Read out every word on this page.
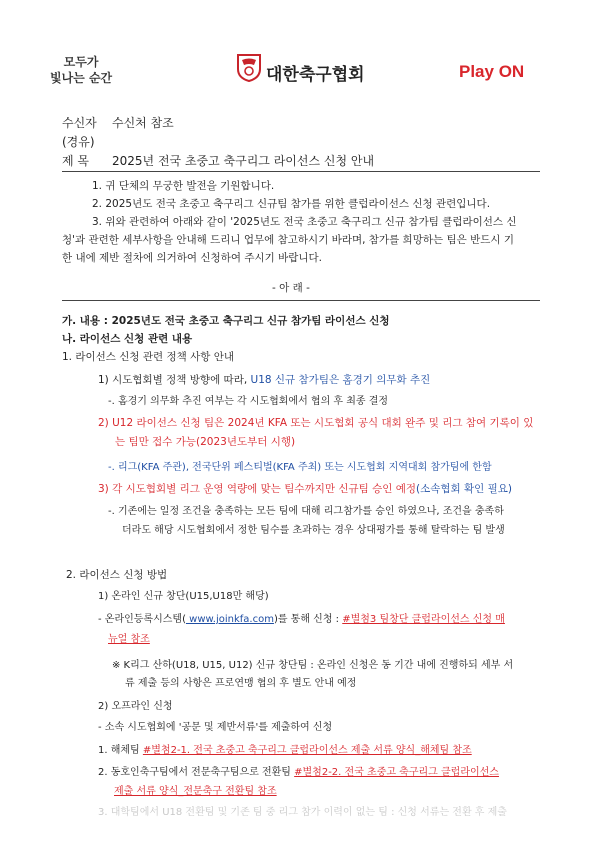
모두가
빛나는 순간	대한축구협회	Play ON
수신자 수신처 참조
(경유)
제 목 2025년 전국 초중고 축구리그 라이선스 신청 안내
1. 귀 단체의 무궁한 발전을 기원합니다.
2. 2025년도 전국 초중고 축구리그 신규팀 참가를 위한 클럽라이선스 신청 관련입니다.
3. 위와 관련하여 아래와 같이 '2025년도 전국 초중고 축구리그 신규 참가팀 클럽라이선스 신
청'과 관련한 세부사항을 안내해 드리니 업무에 참고하시기 바라며, 참가를 희망하는 팀은 반드시 기
한 내에 제반 절차에 의거하여 신청하여 주시기 바랍니다.
- 아 래 -
가. 내용 : 2025년도 전국 초중고 축구리그 신규 참가팀 라이선스 신청
나. 라이선스 신청 관련 내용
1. 라이선스 신청 관련 정책 사항 안내
1) 시도협회별 정책 방향에 따라, U18 신규 참가팀은 홈경기 의무화 추진
-. 홈경기 의무화 추진 여부는 각 시도협회에서 협의 후 최종 결정
2) U12 라이선스 신청 팀은 2024년 KFA 또는 시도협회 공식 대회 완주 및 리그 참여 기록이 있
는 팀만 접수 가능(2023년도부터 시행)
-. 리그(KFA 주관), 전국단위 페스티벌(KFA 주최) 또는 시도협회 지역대회 참가팀에 한함
3) 각 시도협회별 리그 운영 역량에 맞는 팀수까지만 신규팀 승인 예정(소속협회 확인 필요)
-. 기존에는 일정 조건을 충족하는 모든 팀에 대해 리그참가를 승인 하였으나, 조건을 충족하
더라도 해당 시도협회에서 정한 팀수를 초과하는 경우 상대평가를 통해 탈락하는 팀 발생
2. 라이선스 신청 방법
1) 온라인 신규 창단(U15,U18만 해당)
- 온라인등록시스템( www.joinkfa.com)를 통해 신청 : #별첨3 팀창단 클럽라이선스 신청 매
뉴얼 참조
※ K리그 산하(U18, U15, U12) 신규 창단팀 : 온라인 신청은 동 기간 내에 진행하되 세부 서
류 제출 등의 사항은 프로연맹 협의 후 별도 안내 예정
2) 오프라인 신청
- 소속 시도협회에 '공문 및 제반서류'를 제출하여 신청
1. 해체팀 #별첨2-1. 전국 초중고 축구리그 클럽라이선스 제출 서류 양식_해체팀 참조
2. 동호인축구팀에서 전문축구팀으로 전환팀 #별첨2-2. 전국 초중고 축구리그 클럽라이선스
제출 서류 양식_전문축구 전환팀 참조
3. 대학팀에서 U18 전환팀 및 기존 팀 중 리그 참가 이력이 없는 팀 : 신청 서류는 전환 후 제출
